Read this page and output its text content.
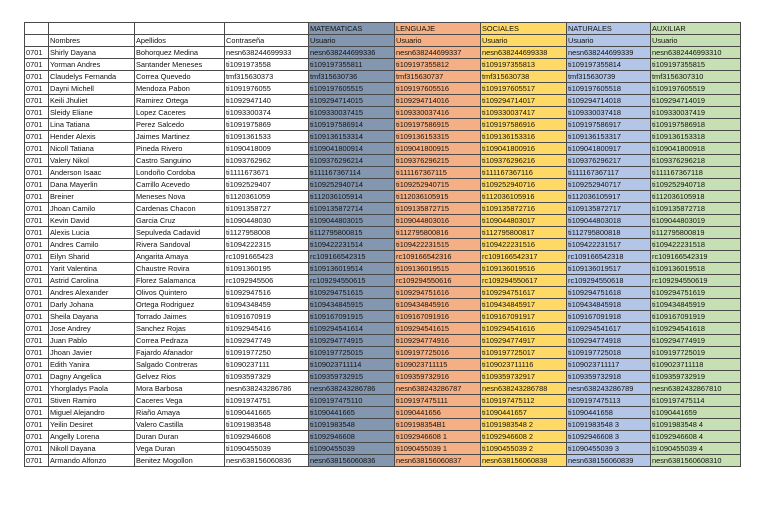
				MATEMATICAS	LENGUAJE	SOCIALES	NATURALES	AUXILIAR
	Nombres	Apellidos	Contraseña	Usuario	Usuario	Usuario	Usuario	Usuario
0701	Shirly Dayana	Bohorquez Medina	nesn638244699933	nesn638244699336	nesn638244699337	nesn638244699338	nesn638244699339	nesn6382446993310
0701	Yorman Andres	Santander Meneses	ti1091973558	ti109197355811	ti109197355812	ti109197355813	ti109197355814	ti109197355815
0701	Claudelys Fernanda	Correa Quevedo	tmf315630373	tmf315630736	tmf315630737	tmf315630738	tmf315630739	tmf3156307310
0701	Dayni Michell	Mendoza Pabon	ti1091976055	ti109197605515	ti109197605516	ti109197605517	ti109197605518	ti109197605519
0701	Keili Jhuliet	Ramirez Ortega	ti1092947140	ti109294714015	ti109294714016	ti109294714017	ti109294714018	ti109294714019
0701	Sleidy Eliane	Lopez Caceres	ti1093300374	ti109330037415	ti109330037416	ti109330037417	ti109330037418	ti109330037419
0701	Lina Tatiana	Perez Salcedo	ti1091975869	ti109197586914	ti109197586915	ti109197586916	ti109197586917	ti109197586918
0701	Hender Alexis	Jaimes Martinez	ti1091361533	ti109136153314	ti109136153315	ti109136153316	ti109136153317	ti109136153318
0701	Nicoll Tatiana	Pineda Rivero	ti1090418009	ti109041800914	ti109041800915	ti109041800916	ti109041800917	ti109041800918
0701	Valery Nikol	Castro Sanguino	ti1093762962	ti109376296214	ti109376296215	ti109376296216	ti109376296217	ti109376296218
0701	Anderson Isaac	Londoño Cordoba	ti1111673671	ti111167367114	ti111167367115	ti111167367116	ti111167367117	ti111167367118
0701	Dana Mayerlin	Carrillo Acevedo	ti1092529407	ti109252940714	ti109252940715	ti109252940716	ti109252940717	ti109252940718
0701	Breiner	Meneses Nova	ti1120361059	ti112036105914	ti112036105915	ti112036105916	ti112036105917	ti112036105918
0701	Jhoan Camilo	Cardenas Chacon	ti1091358727	ti109135872714	ti109135872715	ti109135872716	ti109135872717	ti109135872718
0701	Kevin David	Garcia Cruz	ti1090448030	ti109044803015	ti109044803016	ti109044803017	ti109044803018	ti109044803019
0701	Alexis Lucia	Sepulveda Cadavid	ti1127958008	ti112795800815	ti112795800816	ti112795800817	ti112795800818	ti112795800819
0701	Andres Camilo	Rivera Sandoval	ti1094222315	ti109422231514	ti109422231515	ti109422231516	ti109422231517	ti109422231518
0701	Eilyn Sharid	Angarita Amaya	rc1091665423	rc109166542315	rc109166542316	rc109166542317	rc109166542318	rc109166542319
0701	Yarit Valentina	Chaustre Rovira	ti1091360195	ti109136019514	ti109136019515	ti109136019516	ti109136019517	ti109136019518
0701	Astrid Carolina	Florez Salamanca	rc1092945506	rc109294550615	rc109294550616	rc109294550617	rc109294550618	rc109294550619
0701	Andres Alexander	Olivos Quintero	ti1092947516	ti109294751615	ti109294751616	ti109294751617	ti109294751618	ti109294751619
0701	Darly Johana	Ortega Rodriguez	ti1094348459	ti109434845915	ti109434845916	ti109434845917	ti109434845918	ti109434845919
0701	Sheila Dayana	Torrado Jaimes	ti1091670919	ti109167091915	ti109167091916	ti109167091917	ti109167091918	ti109167091919
0701	Jose Andrey	Sanchez Rojas	ti1092945416	ti109294541614	ti109294541615	ti109294541616	ti109294541617	ti109294541618
0701	Juan Pablo	Correa Pedraza	ti1092947749	ti109294774915	ti109294774916	ti109294774917	ti109294774918	ti109294774919
0701	Jhoan Javier	Fajardo Afanador	ti1091977250	ti109197725015	ti109197725016	ti109197725017	ti109197725018	ti109197725019
0701	Edith Yanira	Salgado Contreras	ti1090237111	ti109023711114	ti109023711115	ti109023711116	ti109023711117	ti109023711118
0701	Dagny Angelica	Gelvez Rios	ti1093597329	ti109359732915	ti109359732916	ti109359732917	ti109359732918	ti109359732919
0701	Yhorgladys Paola	Mora Barbosa	nesn638243286786	nesn638243286786	nesn638243286787	nesn638243286788	nesn638243286789	nesn6382432867810
0701	Stiven Ramiro	Caceres Vega	ti1091974751	ti109197475110	ti109197475111	ti109197475112	ti109197475113	ti109197475114
0701	Miguel Alejandro	Riaño Amaya	ti1090441665	ti1090441665	ti1090441656	ti1090441657	ti1090441658	ti1090441659
0701	Yeilin Desiret	Valero Castilla	ti1091983548	ti1091983548	ti109198354B1	ti1091983548 2	ti1091983548 3	ti1091983548 4
0701	Angelly Lorena	Duran Duran	ti1092946608	ti1092946608	ti1092946608 1	ti1092946608 2	ti1092946608 3	ti1092946608 4
0701	Nikoll Dayana	Vega Duran	ti1090455039	ti1090455039	ti1090455039 1	ti1090455039 2	ti1090455039 3	ti1090455039 4
0701	Armando Alfonzo	Benitez Mogollon	nesn638156060836	nesn638156060836	nesn638156060837	nesn638156060838	nesn638156060839	nesn6381560608310
